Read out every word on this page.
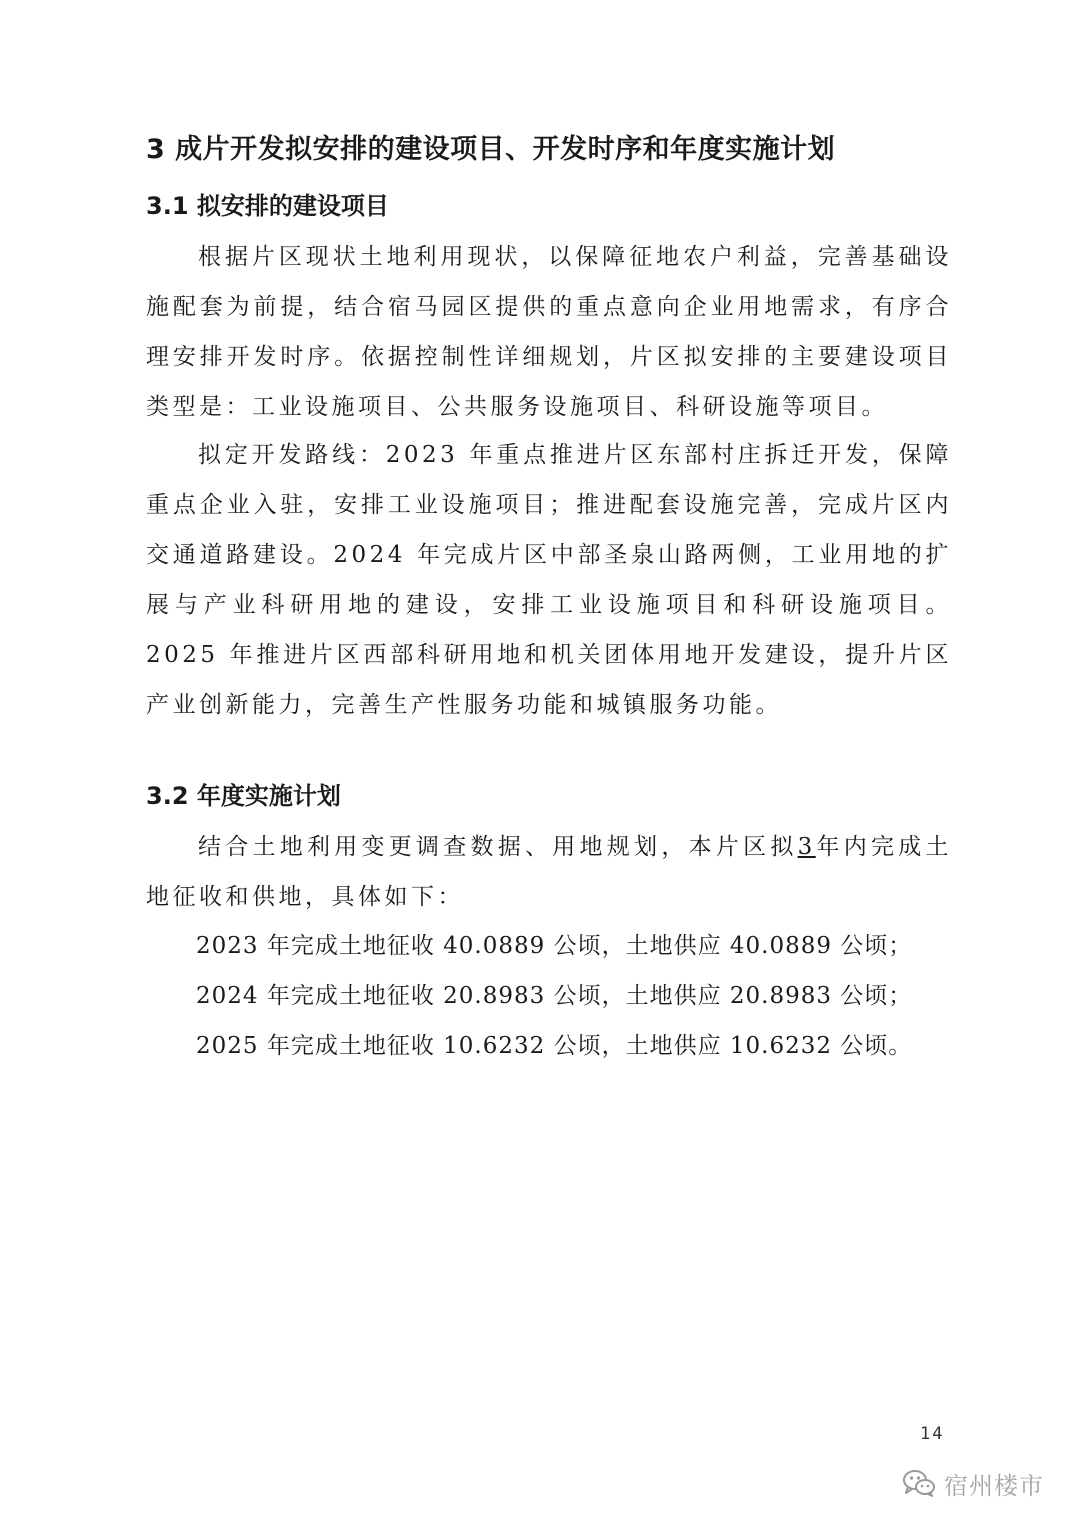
3 成片开发拟安排的建设项目、开发时序和年度实施计划
3.1 拟安排的建设项目

根据片区现状土地利用现状，以保障征地农户利益，完善基础设施配套为前提，结合宿马园区提供的重点意向企业用地需求，有序合理安排开发时序。依据控制性详细规划，片区拟安排的主要建设项目类型是：工业设施项目、公共服务设施项目、科研设施等项目。

拟定开发路线：2023 年重点推进片区东部村庄拆迁开发，保障重点企业入驻，安排工业设施项目；推进配套设施完善，完成片区内交通道路建设。2024 年完成片区中部圣泉山路两侧，工业用地的扩展与产业科研用地的建设，安排工业设施项目和科研设施项目。2025 年推进片区西部科研用地和机关团体用地开发建设，提升片区产业创新能力，完善生产性服务功能和城镇服务功能。

3.2 年度实施计划

结合土地利用变更调查数据、用地规划，本片区拟3年内完成土地征收和供地，具体如下：

2023 年完成土地征收 40.0889 公顷，土地供应 40.0889 公顷；
2024 年完成土地征收 20.8983 公顷，土地供应 20.8983 公顷；
2025 年完成土地征收 10.6232 公顷，土地供应 10.6232 公顷。
14
宿州楼市
